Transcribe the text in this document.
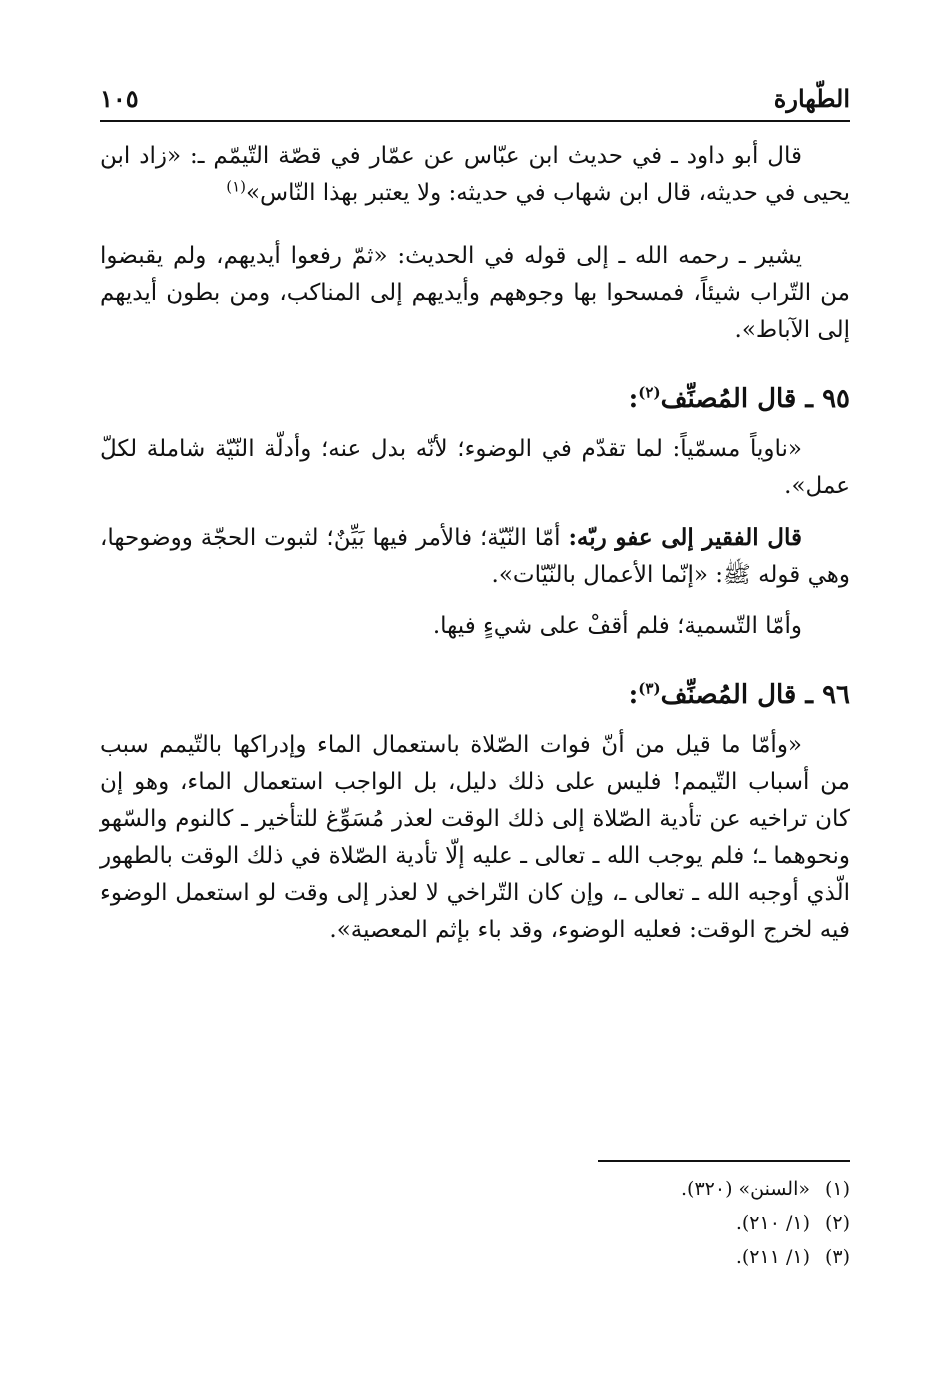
الطّهارة
١٠٥

قال أبو داود ـ في حديث ابن عبّاس عن عمّار في قصّة التّيمّم ـ: «زاد ابن يحيى في حديثه، قال ابن شهاب في حديثه: ولا يعتبر بهذا النّاس»$^{(١)}$

يشير ـ رحمه الله ـ إلى قوله في الحديث: «ثمّ رفعوا أيديهم، ولم يقبضوا من التّراب شيئاً، فمسحوا بها وجوههم وأيديهم إلى المناكب، ومن بطون أيديهم إلى الآباط».

٩٥ ـ قال المُصنِّف$^{(٢)}$:

«ناوياً مسمّياً: لما تقدّم في الوضوء؛ لأنّه بدل عنه؛ وأدلّة النّيّة شاملة لكلّ عمل».

قال الفقير إلى عفو ربّه: أمّا النّيّة؛ فالأمر فيها بَيِّنٌ؛ لثبوت الحجّة ووضوحها، وهي قوله ﷺ: «إنّما الأعمال بالنّيّات».

وأمّا التّسمية؛ فلم أقفْ على شيءٍ فيها.

٩٦ ـ قال المُصنِّف$^{(٣)}$:

«وأمّا ما قيل من أنّ فوات الصّلاة باستعمال الماء وإدراكها بالتّيمم سبب من أسباب التّيمم! فليس على ذلك دليل، بل الواجب استعمال الماء، وهو إن كان تراخيه عن تأدية الصّلاة إلى ذلك الوقت لعذر مُسَوِّغ للتأخير ـ كالنوم والسّهو ونحوهما ـ؛ فلم يوجب الله ـ تعالى ـ عليه إلّا تأدية الصّلاة في ذلك الوقت بالطهور الّذي أوجبه الله ـ تعالى ـ، وإن كان التّراخي لا لعذر إلى وقت لو استعمل الوضوء فيه لخرج الوقت: فعليه الوضوء، وقد باء بإثم المعصية».

(١)«السنن» (٣٢٠).
(٢)(١/ ٢١٠).
(٣)(١/ ٢١١).
